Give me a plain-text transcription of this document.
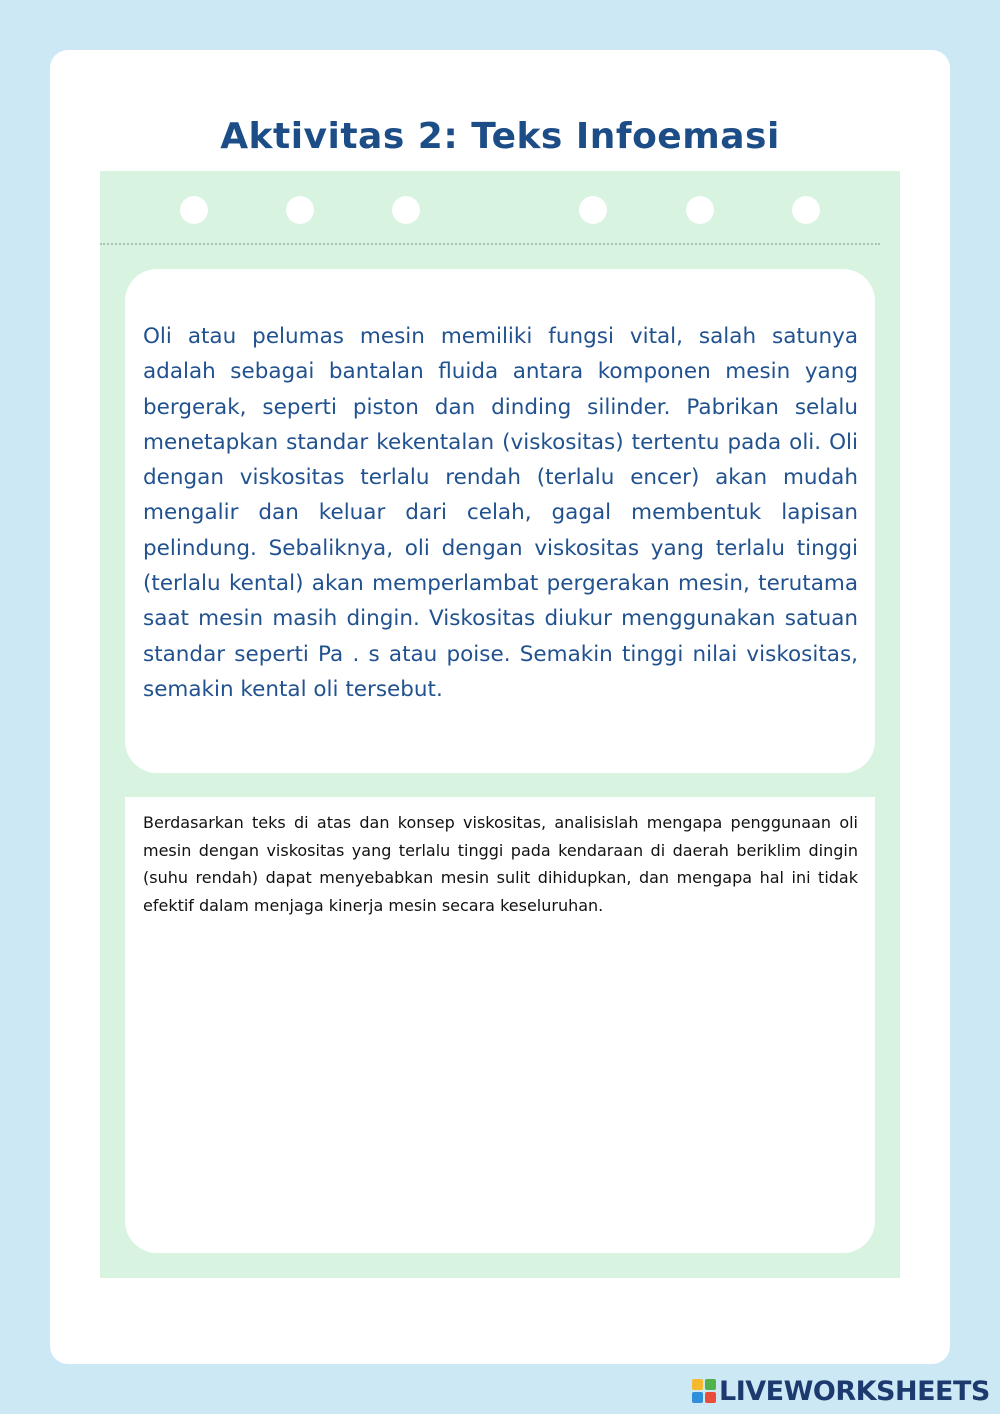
Aktivitas 2: Teks Infoemasi

Oli atau pelumas mesin memiliki fungsi vital, salah satunya adalah sebagai bantalan fluida antara komponen mesin yang bergerak, seperti piston dan dinding silinder. Pabrikan selalu menetapkan standar kekentalan (viskositas) tertentu pada oli. Oli dengan viskositas terlalu rendah (terlalu encer) akan mudah mengalir dan keluar dari celah, gagal membentuk lapisan pelindung. Sebaliknya, oli dengan viskositas yang terlalu tinggi (terlalu kental) akan memperlambat pergerakan mesin, terutama saat mesin masih dingin. Viskositas diukur menggunakan satuan standar seperti Pa . s atau poise. Semakin tinggi nilai viskositas, semakin kental oli tersebut.

Berdasarkan teks di atas dan konsep viskositas, analisislah mengapa penggunaan oli mesin dengan viskositas yang terlalu tinggi pada kendaraan di daerah beriklim dingin (suhu rendah) dapat menyebabkan mesin sulit dihidupkan, dan mengapa hal ini tidak efektif dalam menjaga kinerja mesin secara keseluruhan.

LIVEWORKSHEETS
